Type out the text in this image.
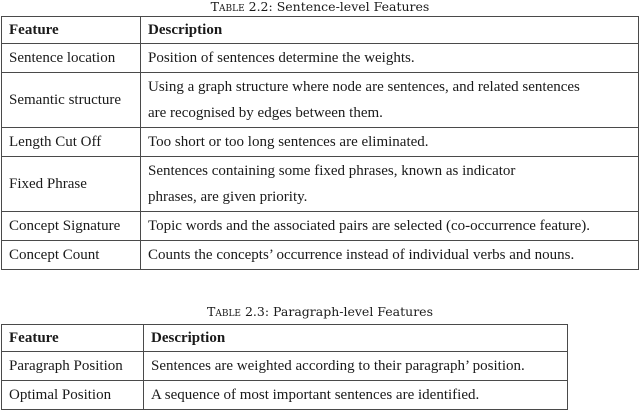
Table 2.2: Sentence-level Features
Feature	Description
Sentence location	Position of sentences determine the weights.
Semantic structure	Using a graph structure where node are sentences, and related sentences
are recognised by edges between them.
Length Cut Off	Too short or too long sentences are eliminated.
Fixed Phrase	Sentences containing some fixed phrases, known as indicator
phrases, are given priority.
Concept Signature	Topic words and the associated pairs are selected (co-occurrence feature).
Concept Count	Counts the concepts’ occurrence instead of individual verbs and nouns.
Table 2.3: Paragraph-level Features
Feature	Description
Paragraph Position	Sentences are weighted according to their paragraph’ position.
Optimal Position	A sequence of most important sentences are identified.
